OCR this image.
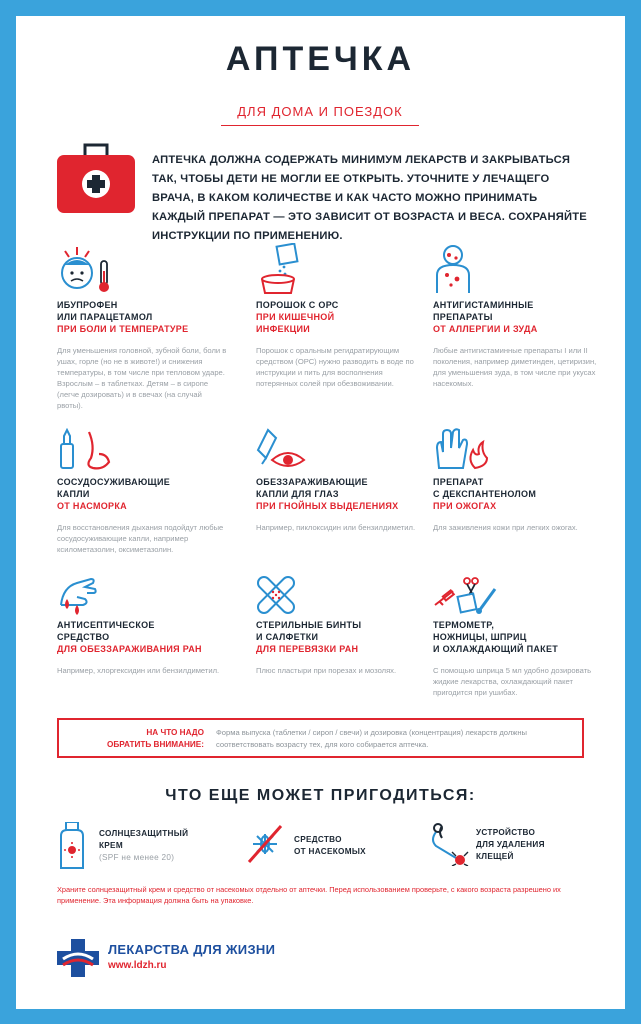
АПТЕЧКА
ДЛЯ ДОМА И ПОЕЗДОК
АПТЕЧКА ДОЛЖНА СОДЕРЖАТЬ МИНИМУМ ЛЕКАРСТВ И ЗАКРЫВАТЬСЯ ТАК, ЧТОБЫ ДЕТИ НЕ МОГЛИ ЕЕ ОТКРЫТЬ. УТОЧНИТЕ У ЛЕЧАЩЕГО ВРАЧА, В КАКОМ КОЛИЧЕСТВЕ И КАК ЧАСТО МОЖНО ПРИНИМАТЬ КАЖДЫЙ ПРЕПАРАТ — ЭТО ЗАВИСИТ ОТ ВОЗРАСТА И ВЕСА. СОХРАНЯЙТЕ ИНСТРУКЦИИ ПО ПРИМЕНЕНИЮ.
ИБУПРОФЕН
ИЛИ ПАРАЦЕТАМОЛ
ПРИ БОЛИ И ТЕМПЕРАТУРЕ
Для уменьшения головной, зубной боли, боли в ушах, горле (но не в животе!) и снижения температуры, в том числе при тепловом ударе. Взрослым – в таблетках. Детям – в сиропе (легче дозировать) и в свечах (на случай рвоты).
ПОРОШОК С ОРС
ПРИ КИШЕЧНОЙ
ИНФЕКЦИИ
Порошок с оральным регидратирующим средством (ОРС) нужно разводить в воде по инструкции и пить для восполнения потерянных солей при обезвоживании.
АНТИГИСТАМИННЫЕ
ПРЕПАРАТЫ
ОТ АЛЛЕРГИИ И ЗУДА
Любые антигистаминные препараты I или II поколения, например диметинден, цетиризин, для уменьшения зуда, в том числе при укусах насекомых.
СОСУДОСУЖИВАЮЩИЕ
КАПЛИ
ОТ НАСМОРКА
Для восстановления дыхания подойдут любые сосудосуживающие капли, например ксилометазолин, оксиметазолин.
ОБЕЗЗАРАЖИВАЮЩИЕ
КАПЛИ ДЛЯ ГЛАЗ
ПРИ ГНОЙНЫХ ВЫДЕЛЕНИЯХ
Например, пиклоксидин или бензилдиметил.
ПРЕПАРАТ
С ДЕКСПАНТЕНОЛОМ
ПРИ ОЖОГАХ
Для заживления кожи при легких ожогах.
АНТИСЕПТИЧЕСКОЕ
СРЕДСТВО
ДЛЯ ОБЕЗЗАРАЖИВАНИЯ РАН
Например, хлоргексидин или бензилдиметил.
СТЕРИЛЬНЫЕ БИНТЫ
И САЛФЕТКИ
ДЛЯ ПЕРЕВЯЗКИ РАН
Плюс пластыри при порезах и мозолях.
ТЕРМОМЕТР,
НОЖНИЦЫ, ШПРИЦ
И ОХЛАЖДАЮЩИЙ ПАКЕТ
С помощью шприца 5 мл удобно дозировать жидкие лекарства, охлаждающий пакет пригодится при ушибах.
НА ЧТО НАДО
ОБРАТИТЬ ВНИМАНИЕ:
Форма выпуска (таблетки / сироп / свечи) и дозировка (концентрация) лекарств должны соответствовать возрасту тех, для кого собирается аптечка.
ЧТО ЕЩЕ МОЖЕТ ПРИГОДИТЬСЯ:
СОЛНЦЕЗАЩИТНЫЙ
КРЕМ
(SPF не менее 20)
СРЕДСТВО
ОТ НАСЕКОМЫХ
УСТРОЙСТВО
ДЛЯ УДАЛЕНИЯ
КЛЕЩЕЙ
Храните солнцезащитный крем и средство от насекомых отдельно от аптечки. Перед использованием проверьте, с какого возраста разрешено их применение. Эта информация должна быть на упаковке.
ЛЕКАРСТВА ДЛЯ ЖИЗНИ
www.ldzh.ru
